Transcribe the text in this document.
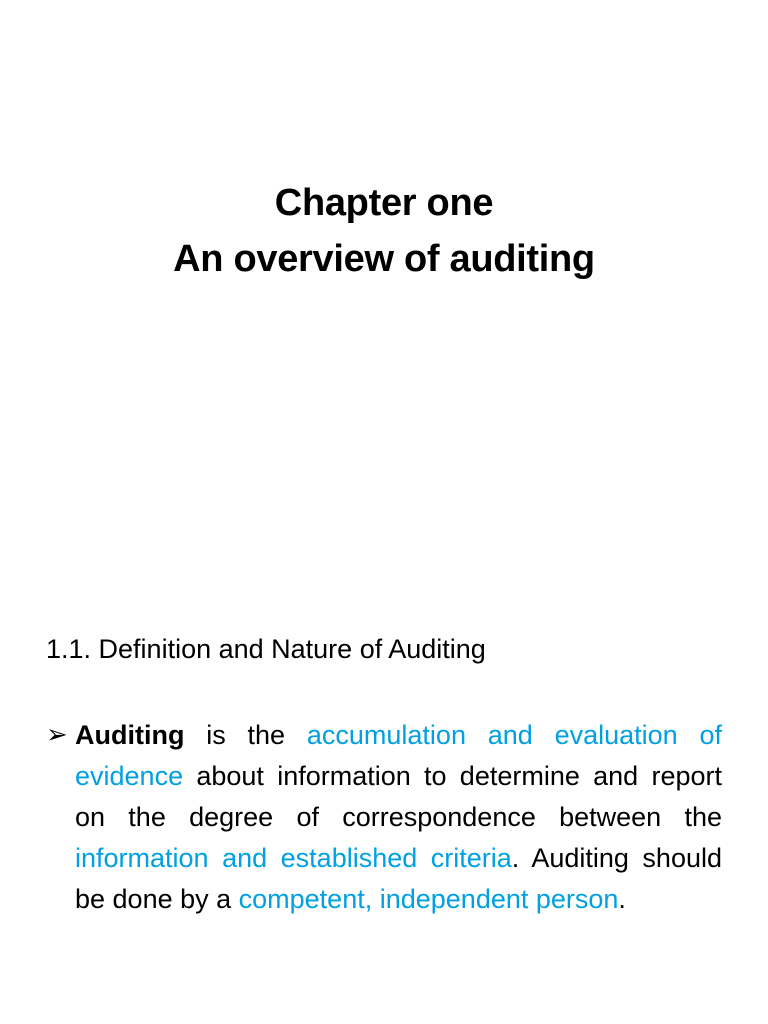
Chapter one
An overview of auditing
1.1. Definition and Nature of Auditing
➢ Auditing is the accumulation and evaluation of evidence about information to determine and report on the degree of correspondence between the information and established criteria. Auditing should be done by a competent, independent person.
